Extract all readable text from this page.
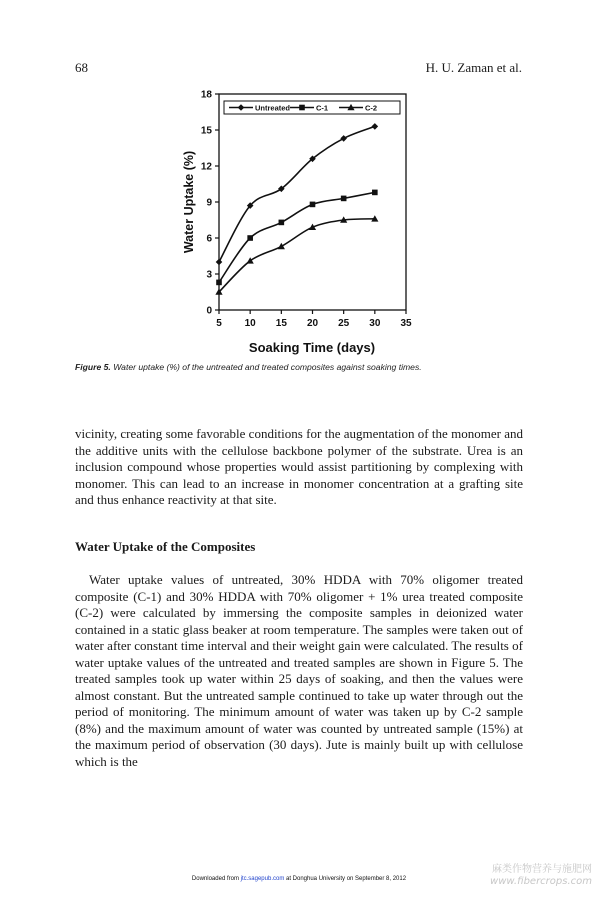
68	H. U. Zaman et al.
0
3
6
9
12
15
18
5 10 15 20 25 30 35
Untreated	C-1	C-2
Water Uptake (%)
Soaking Time (days)
Figure 5. Water uptake (%) of the untreated and treated composites against soaking times.
vicinity, creating some favorable conditions for the augmentation of the monomer and the additive units with the cellulose backbone polymer of the substrate. Urea is an inclusion compound whose properties would assist partitioning by complexing with monomer. This can lead to an increase in monomer concentration at a grafting site and thus enhance reactivity at that site.
Water Uptake of the Composites
Water uptake values of untreated, 30% HDDA with 70% oligomer treated composite (C-1) and 30% HDDA with 70% oligomer + 1% urea treated composite (C-2) were calculated by immersing the composite samples in deionized water contained in a static glass beaker at room temperature. The samples were taken out of water after constant time interval and their weight gain were calculated. The results of water uptake values of the untreated and treated samples are shown in Figure 5. The treated samples took up water within 25 days of soaking, and then the values were almost constant. But the untreated sample continued to take up water through out the period of monitoring. The minimum amount of water was taken up by C-2 sample (8%) and the maximum amount of water was counted by untreated sample (15%) at the maximum period of observation (30 days). Jute is mainly built up with cellulose which is the
Downloaded from jtc.sagepub.com at Donghua University on September 8, 2012
麻类作物营养与施肥网
www.fibercrops.com
